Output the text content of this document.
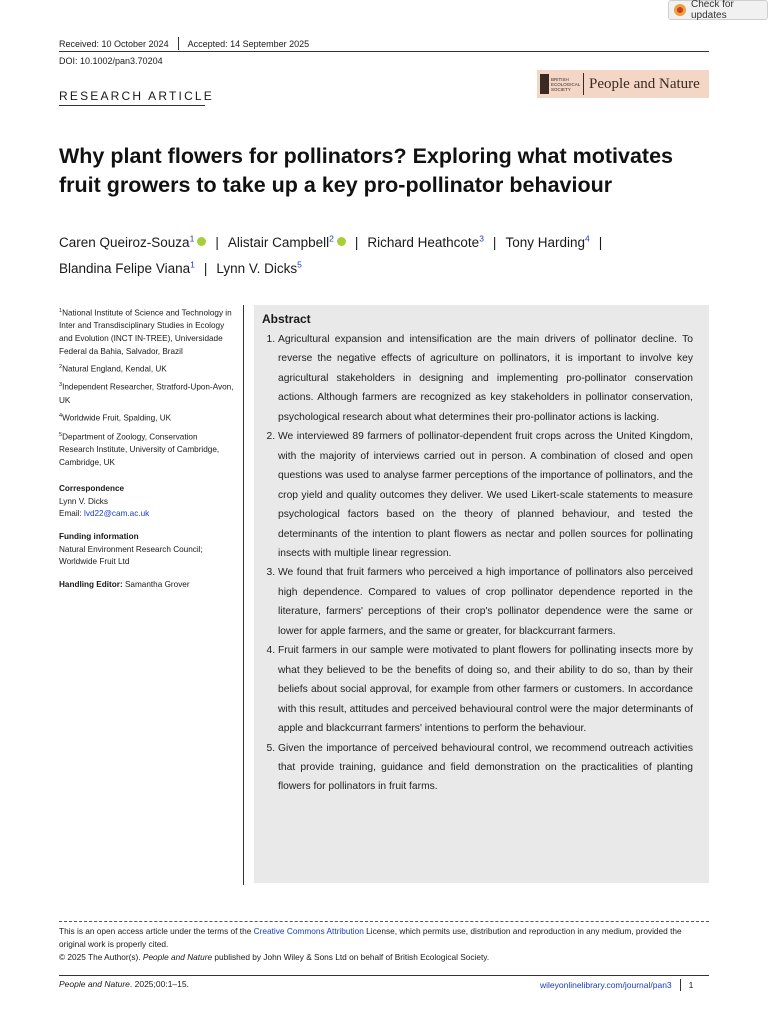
Check for updates
Received: 10 October 2024 Accepted: 14 September 2025
DOI: 10.1002/pan3.70204
RESEARCH ARTICLE
BRITISH ECOLOGICAL SOCIETY	People and Nature
Why plant flowers for pollinators? Exploring what motivates fruit growers to take up a key pro-pollinator behaviour
Caren Queiroz-Souza$^1$ | Alistair Campbell$^2$ | Richard Heathcote$^3$ | Tony Harding$^4$ |
Blandina Felipe Viana$^1$ | Lynn V. Dicks$^5$
$^1$National Institute of Science and Technology in Inter and Transdisciplinary Studies in Ecology and Evolution (INCT IN-TREE), Universidade Federal da Bahia, Salvador, Brazil
$^2$Natural England, Kendal, UK
$^3$Independent Researcher, Stratford-Upon-Avon, UK
$^4$Worldwide Fruit, Spalding, UK
$^5$Department of Zoology, Conservation Research Institute, University of Cambridge, Cambridge, UK
Correspondence
Lynn V. Dicks
Email: lvd22@cam.ac.uk
Funding information
Natural Environment Research Council; Worldwide Fruit Ltd
Handling Editor: Samantha Grover
Abstract
1. Agricultural expansion and intensification are the main drivers of pollinator decline. To reverse the negative effects of agriculture on pollinators, it is important to involve key agricultural stakeholders in designing and implementing pro-pollinator conservation actions. Although farmers are recognized as key stakeholders in pollinator conservation, psychological research about what determines their pro-pollinator actions is lacking.
2. We interviewed 89 farmers of pollinator-dependent fruit crops across the United Kingdom, with the majority of interviews carried out in person. A combination of closed and open questions was used to analyse farmer perceptions of the importance of pollinators, and the crop yield and quality outcomes they deliver. We used Likert-scale statements to measure psychological factors based on the theory of planned behaviour, and tested the determinants of the intention to plant flowers as nectar and pollen sources for pollinating insects with multiple linear regression.
3. We found that fruit farmers who perceived a high importance of pollinators also perceived high dependence. Compared to values of crop pollinator dependence reported in the literature, farmers' perceptions of their crop's pollinator dependence were the same or lower for apple farmers, and the same or greater, for blackcurrant farmers.
4. Fruit farmers in our sample were motivated to plant flowers for pollinating insects more by what they believed to be the benefits of doing so, and their ability to do so, than by their beliefs about social approval, for example from other farmers or customers. In accordance with this result, attitudes and perceived behavioural control were the major determinants of apple and blackcurrant farmers' intentions to perform the behaviour.
5. Given the importance of perceived behavioural control, we recommend outreach activities that provide training, guidance and field demonstration on the practicalities of planting flowers for pollinators in fruit farms.
This is an open access article under the terms of the Creative Commons Attribution License, which permits use, distribution and reproduction in any medium, provided the original work is properly cited.
© 2025 The Author(s). People and Nature published by John Wiley & Sons Ltd on behalf of British Ecological Society.
People and Nature. 2025;00:1–15.	wileyonlinelibrary.com/journal/pan3 1
